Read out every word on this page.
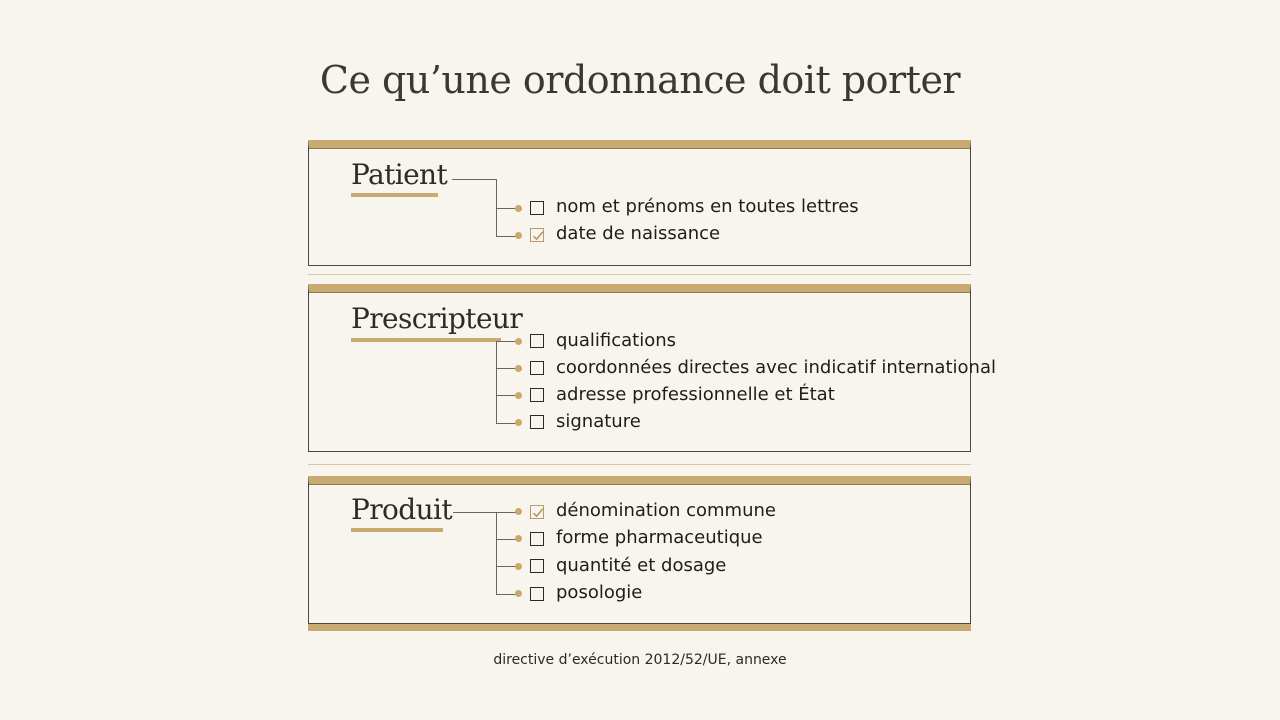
Ce qu’une ordonnance doit porter
Patient
nom et prénoms en toutes lettres
date de naissance
Prescripteur
qualifications
coordonnées directes avec indicatif international
adresse professionnelle et État
signature
Produit	dénomination commune
forme pharmaceutique
quantité et dosage
posologie
directive d’exécution 2012/52/UE, annexe
